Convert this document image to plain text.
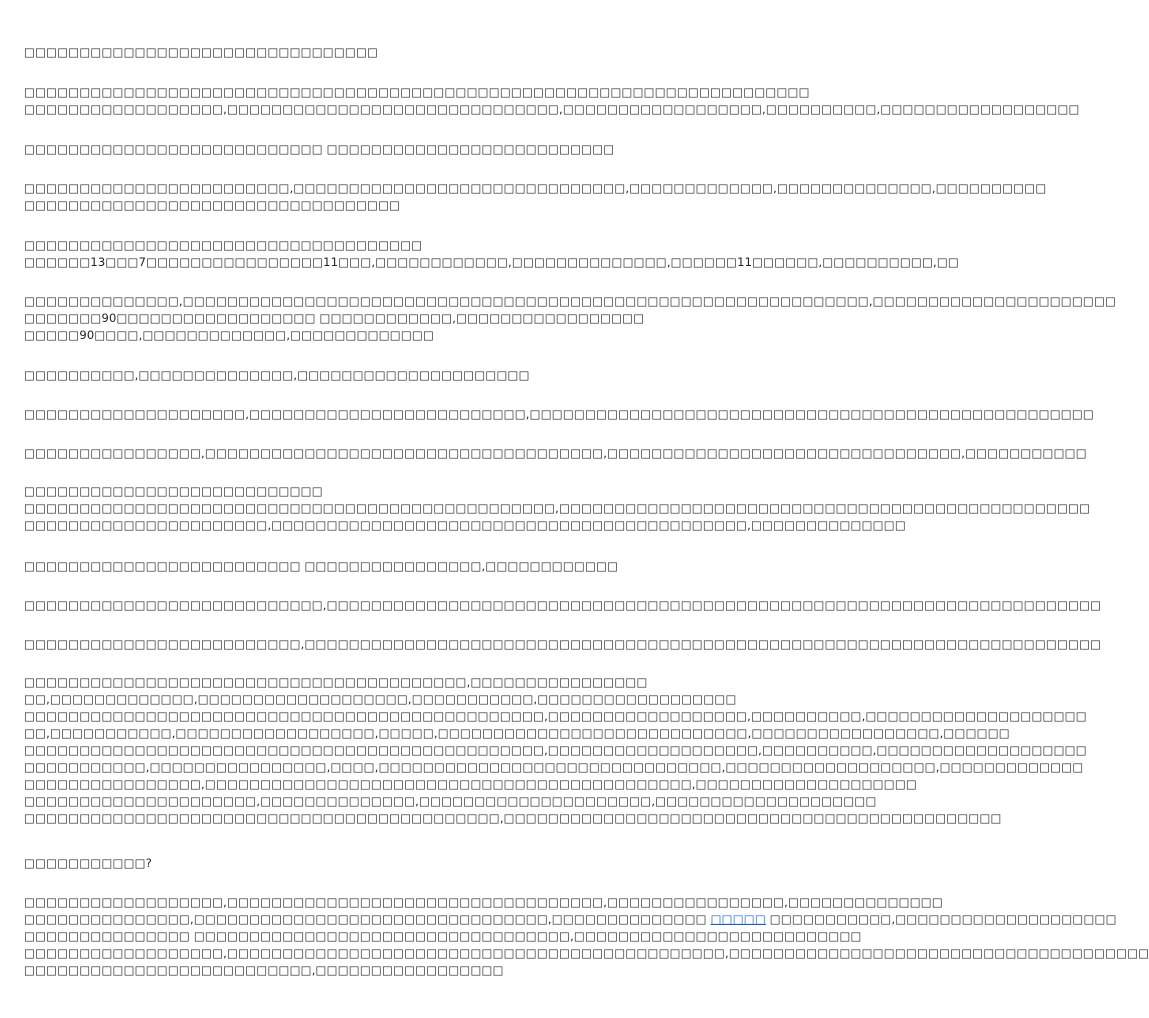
□□□□□□□□□□□□□□□□□□□□□□□□□□□□□□□□
□□□□□□□□□□□□□□□□□□□□□□□□□□□□□□□□□□□□□□□□□□□□□□□□□□□□□□□□□□□□□□□□□□□□□□□
□□□□□□□□□□□□□□□□□□,□□□□□□□□□□□□□□□□□□□□□□□□□□□□□□,□□□□□□□□□□□□□□□□□□,□□□□□□□□□□,□□□□□□□□□□□□□□□□□□
□□□□□□□□□□□□□□□□□□□□□□□□□□□ □□□□□□□□□□□□□□□□□□□□□□□□□□
□□□□□□□□□□□□□□□□□□□□□□□□,□□□□□□□□□□□□□□□□□□□□□□□□□□□□□□,□□□□□□□□□□□□□,□□□□□□□□□□□□□□,□□□□□□□□□□
□□□□□□□□□□□□□□□□□□□□□□□□□□□□□□□□□□
□□□□□□□□□□□□□□□□□□□□□□□□□□□□□□□□□□□□
□□□□□□13□□□7□□□□□□□□□□□□□□□□11□□□,□□□□□□□□□□□□,□□□□□□□□□□□□□□,□□□□□□11□□□□□□,□□□□□□□□□□,□□
□□□□□□□□□□□□□□,□□□□□□□□□□□□□□□□□□□□□□□□□□□□□□□□□□□□□□□□□□□□□□□□□□□□□□□□□□□□□□,□□□□□□□□□□□□□□□□□□□□□□
□□□□□□□90□□□□□□□□□□□□□□□□□□ □□□□□□□□□□□□,□□□□□□□□□□□□□□□□□
□□□□□90□□□□,□□□□□□□□□□□□□,□□□□□□□□□□□□□
□□□□□□□□□□,□□□□□□□□□□□□□□,□□□□□□□□□□□□□□□□□□□□□
□□□□□□□□□□□□□□□□□□□□,□□□□□□□□□□□□□□□□□□□□□□□□□,□□□□□□□□□□□□□□□□□□□□□□□□□□□□□□□□□□□□□□□□□□□□□□□□□□□
□□□□□□□□□□□□□□□□,□□□□□□□□□□□□□□□□□□□□□□□□□□□□□□□□□□□□,□□□□□□□□□□□□□□□□□□□□□□□□□□□□□□□□,□□□□□□□□□□□
□□□□□□□□□□□□□□□□□□□□□□□□□□□
□□□□□□□□□□□□□□□□□□□□□□□□□□□□□□□□□□□□□□□□□□□□□□□□,□□□□□□□□□□□□□□□□□□□□□□□□□□□□□□□□□□□□□□□□□□□□□□□□
□□□□□□□□□□□□□□□□□□□□□□,□□□□□□□□□□□□□□□□□□□□□□□□□□□□□□□□□□□□□□□□□□□,□□□□□□□□□□□□□□
□□□□□□□□□□□□□□□□□□□□□□□□□ □□□□□□□□□□□□□□□□,□□□□□□□□□□□□
□□□□□□□□□□□□□□□□□□□□□□□□□□□,□□□□□□□□□□□□□□□□□□□□□□□□□□□□□□□□□□□□□□□□□□□□□□□□□□□□□□□□□□□□□□□□□□□□□□
□□□□□□□□□□□□□□□□□□□□□□□□□,□□□□□□□□□□□□□□□□□□□□□□□□□□□□□□□□□□□□□□□□□□□□□□□□□□□□□□□□□□□□□□□□□□□□□□□□
□□□□□□□□□□□□□□□□□□□□□□□□□□□□□□□□□□□□□□□□,□□□□□□□□□□□□□□□□
□□,□□□□□□□□□□□□□,□□□□□□□□□□□□□□□□□□□,□□□□□□□□□□□,□□□□□□□□□□□□□□□□□□
□□□□□□□□□□□□□□□□□□□□□□□□□□□□□□□□□□□□□□□□□□□□□□□,□□□□□□□□□□□□□□□□□□,□□□□□□□□□□,□□□□□□□□□□□□□□□□□□□□
□□,□□□□□□□□□□□,□□□□□□□□□□□□□□□□□□,□□□□□,□□□□□□□□□□□□□□□□□□□□□□□□□□□□,□□□□□□□□□□□□□□□□□,□□□□□□
□□□□□□□□□□□□□□□□□□□□□□□□□□□□□□□□□□□□□□□□□□□□□□□,□□□□□□□□□□□□□□□□□□□,□□□□□□□□□□,□□□□□□□□□□□□□□□□□□□
□□□□□□□□□□□,□□□□□□□□□□□□□□□□,□□□□,□□□□□□□□□□□□□□□□□□□□□□□□□□□□□□□,□□□□□□□□□□□□□□□□□□□,□□□□□□□□□□□□□
□□□□□□□□□□□□□□□□,□□□□□□□□□□□□□□□□□□□□□□□□□□□□□□□□□□□□□□□□□□□□,□□□□□□□□□□□□□□□□□□□□
□□□□□□□□□□□□□□□□□□□□□,□□□□□□□□□□□□□□,□□□□□□□□□□□□□□□□□□□□□,□□□□□□□□□□□□□□□□□□□□
□□□□□□□□□□□□□□□□□□□□□□□□□□□□□□□□□□□□□□□□□□□,□□□□□□□□□□□□□□□□□□□□□□□□□□□□□□□□□□□□□□□□□□□□□
□□□□□□□□□□□?
□□□□□□□□□□□□□□□□□□,□□□□□□□□□□□□□□□□□□□□□□□□□□□□□□□□□□,□□□□□□□□□□□□□□□□,□□□□□□□□□□□□□□
□□□□□□□□□□□□□□□,□□□□□□□□□□□□□□□□□□□□□□□□□□□□□□□□,□□□□□□□□□□□□□□ □□□□□ □□□□□□□□□□□,□□□□□□□□□□□□□□□□□□□□
□□□□□□□□□□□□□□□ □□□□□□□□□□□□□□□□□□□□□□□□□□□□□□□□□□,□□□□□□□□□□□□□□□□□□□□□□□□□□
□□□□□□□□□□□□□□□□□□,□□□□□□□□□□□□□□□□□□□□□□□□□□□□□□□□□□□□□□□□□□□□□,□□□□□□□□□□□□□□□□□□□□□□□□□□□□□□□□□□□□□□
□□□□□□□□□□□□□□□□□□□□□□□□□□,□□□□□□□□□□□□□□□□□
